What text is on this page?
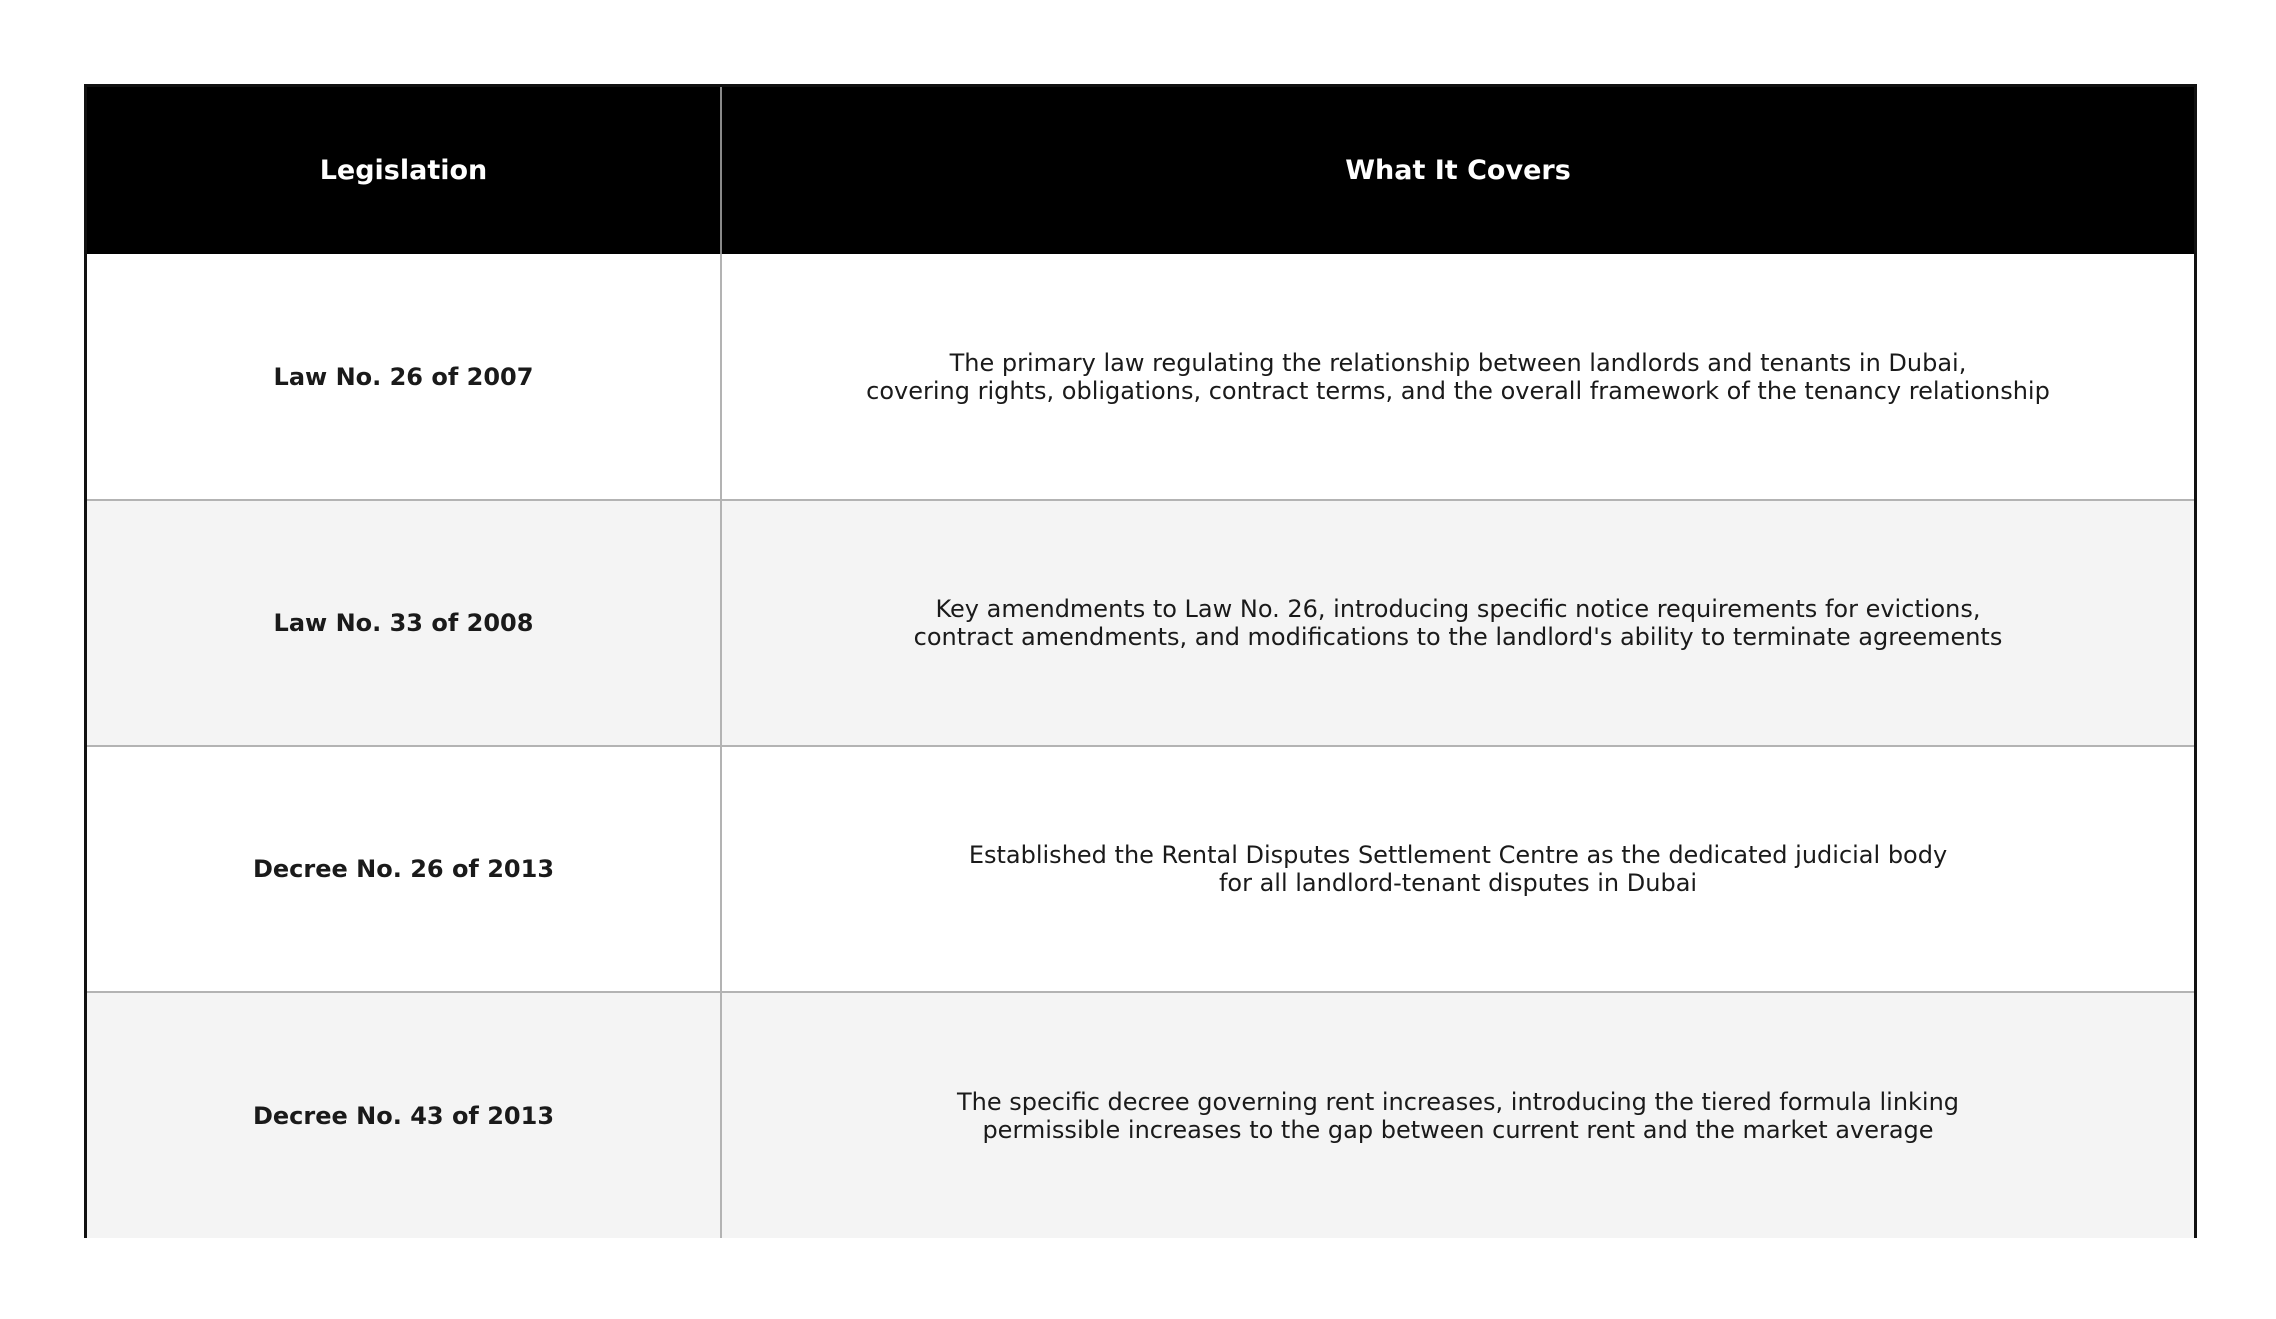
Legislation	What It Covers
Law No. 26 of 2007	The primary law regulating the relationship between landlords and tenants in Dubai,
covering rights, obligations, contract terms, and the overall framework of the tenancy relationship

Law No. 33 of 2008	Key amendments to Law No. 26, introducing specific notice requirements for evictions,
contract amendments, and modifications to the landlord's ability to terminate agreements

Decree No. 26 of 2013	Established the Rental Disputes Settlement Centre as the dedicated judicial body
for all landlord-tenant disputes in Dubai

Decree No. 43 of 2013	The specific decree governing rent increases, introducing the tiered formula linking
permissible increases to the gap between current rent and the market average
